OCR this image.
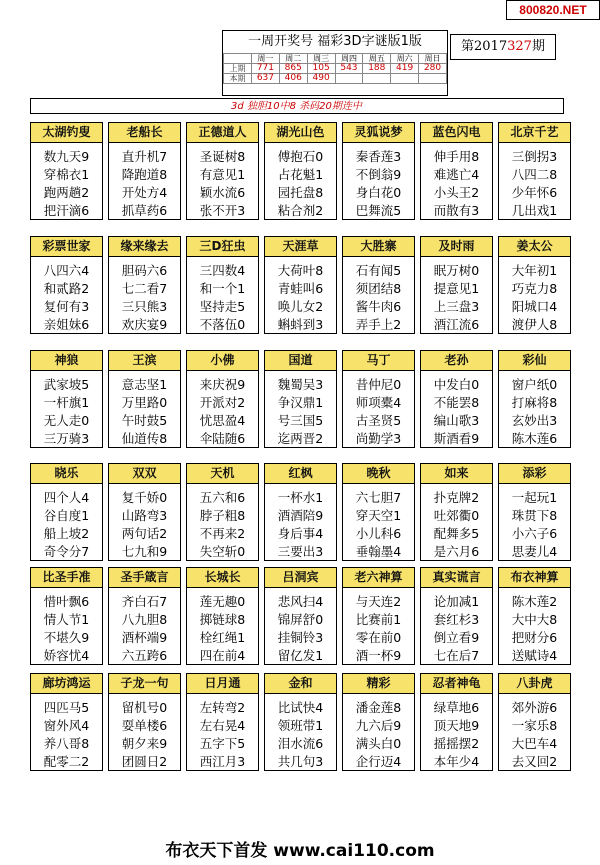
800820.NET
一周开奖号 福彩3D字谜版1版
	周一	周二	周三	周四	周五	周六	周日
上期	771	865	105	543	188	419	280
本期	637	406	490				
第2017327期
3d 独胆10中8 杀码20期连中
太湖钓叟
数九天9
穿棉衣1
跑两趟2
把汗滴6
老船长
直升机7
降跑道8
开处方4
抓草药6
正德道人
圣诞树8
有意见1
颖水流6
张不开3
湖光山色
傅抱石0
占花魁1
园托盘8
粘合剂2
灵狐说梦
秦香莲3
不倒翁9
身白花0
巴舞流5
蓝色闪电
伸手用8
难逃亡4
小头王2
而散有3
北京千艺
三倒拐3
八四二8
少年怀6
几出戏1
彩票世家
八四六4
和贰路2
复何有3
亲姐妹6
缘来缘去
胆码六6
七二看7
三只熊3
欢庆宴9
三D狂虫
三四数4
和一个1
坚持走5
不落伍0
天涯草
大荷叶8
青蛙叫6
唤儿女2
蝌蚪到3
大胜寨
石有闻5
须团结8
酱牛肉6
弄手上2
及时雨
眠万树0
提意见1
上三盘3
酒江流6
姜太公
大年初1
巧克力8
阳城口4
渡伊人8
神狼
武家坡5
一杆旗1
无人走0
三万骑3
王滨
意志坚1
万里路0
午时鼓5
仙道传8
小佛
来庆祝9
开派对2
忧思盈4
伞陆随6
国道
魏蜀吴3
争汉鼎1
号三国5
迄两晋2
马丁
昔仲尼0
师项橐4
古圣贤5
尚勤学3
老孙
中发白0
不能罢8
编山歌3
斯酒看9
彩仙
窗户纸0
打麻将8
玄妙出3
陈木莲6
晓乐
四个人4
谷自度1
船上坡2
奇令分7
双双
复千娇0
山路弯3
两句话2
七九和9
天机
五六和6
脖子粗8
不再来2
失空斩0
红枫
一杯水1
酒酒陪9
身后事4
三要出3
晚秋
六七胆7
穿天空1
小儿科6
垂翰墨4
如来
扑克牌2
吐郊衢0
配舞多5
是六月6
添彩
一起玩1
珠贯下8
小六子6
思妻儿4
比圣手准
惜叶飘6
情人节1
不堪久9
娇容忧4
圣手箴言
齐白石7
八九胆8
酒杯端9
六五跨6
长城长
莲无趣0
掷链球8
栓红绳1
四在前4
吕洞宾
悲风扫4
锦屏舒0
挂铜铃3
留亿发1
老六神算
与天连2
比赛前1
零在前0
酒一杯9
真实谎言
论加减1
套红杉3
倒立看9
七在后7
布衣神算
陈木莲2
大中大8
把财分6
送赋诗4
廊坊鸿运
四匹马5
窗外风4
养八哥8
配零二2
子龙一句
留机号0
耍单楼6
朝夕来9
团圆日2
日月通
左转弯2
左右晃4
五字下5
西江月3
金和
比试快4
领班带1
泪水流6
共几句3
精彩
潘金莲8
九六后9
满头白0
企行迈4
忍者神龟
绿草地6
顶天地9
摇摇摆2
本年少4
八卦虎
郊外游6
一家乐8
大巴车4
去又回2
布衣天下首发 www.cai110.com
